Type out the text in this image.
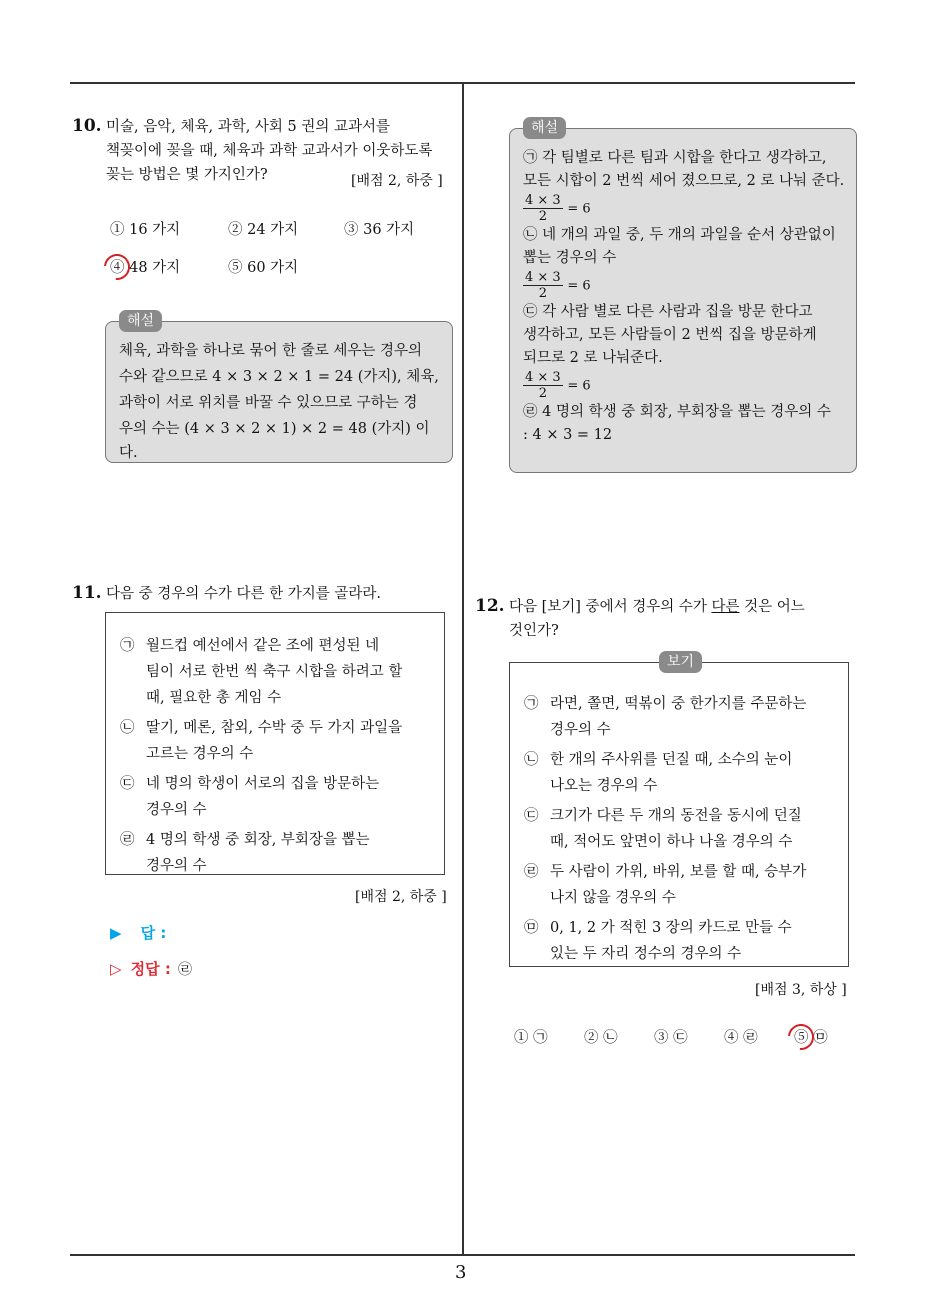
3
10. 미술, 음악, 체육, 과학, 사회 5 권의 교과서를
책꽂이에 꽂을 때, 체육과 과학 교과서가 이웃하도록
꽂는 방법은 몇 가지인가?	[배점 2, 하중 ]
① 16 가지	② 24 가지	③ 36 가지
④ 48 가지	⑤ 60 가지
체육, 과학을 하나로 묶어 한 줄로 세우는 경우의
수와 같으므로 4 × 3 × 2 × 1 = 24 (가지), 체육,
과학이 서로 위치를 바꿀 수 있으므로 구하는 경
우의 수는 (4 × 3 × 2 × 1) × 2 = 48 (가지) 이다.
해설
㉠ 각 팀별로 다른 팀과 시합을 한다고 생각하고,
모든 시합이 2 번씩 세어 졌으므로, 2 로 나눠 준다.
$\frac{4 \times 3}{2} = 6$
㉡ 네 개의 과일 중, 두 개의 과일을 순서 상관없이
뽑는 경우의 수
$\frac{4 \times 3}{2} = 6$
㉢ 각 사람 별로 다른 사람과 집을 방문 한다고
생각하고, 모든 사람들이 2 번씩 집을 방문하게
되므로 2 로 나눠준다.
$\frac{4 \times 3}{2} = 6$
㉣ 4 명의 학생 중 회장, 부회장을 뽑는 경우의 수
: 4 × 3 = 12
해설
11. 다음 중 경우의 수가 다른 한 가지를 골라라.
㉠ 월드컵 예선에서 같은 조에 편성된 네
팀이 서로 한번 씩 축구 시합을 하려고 할
때, 필요한 총 게임 수
㉡ 딸기, 메론, 참외, 수박 중 두 가지 과일을
고르는 경우의 수
㉢ 네 명의 학생이 서로의 집을 방문하는
경우의 수
㉣ 4 명의 학생 중 회장, 부회장을 뽑는
경우의 수
[배점 2, 하중 ]
▶ 답 :
▷ 정답 : ㉣
12. 다음 [보기] 중에서 경우의 수가 다른 것은 어느
것인가?
㉠ 라면, 쫄면, 떡볶이 중 한가지를 주문하는
경우의 수
㉡ 한 개의 주사위를 던질 때, 소수의 눈이
나오는 경우의 수
㉢ 크기가 다른 두 개의 동전을 동시에 던질
때, 적어도 앞면이 하나 나올 경우의 수
㉣ 두 사람이 가위, 바위, 보를 할 때, 승부가
나지 않을 경우의 수
㉤ 0, 1, 2 가 적힌 3 장의 카드로 만들 수
있는 두 자리 정수의 경우의 수
보기
[배점 3, 하상 ]
① ㉠	② ㉡	③ ㉢	④ ㉣	⑤ ㉤
